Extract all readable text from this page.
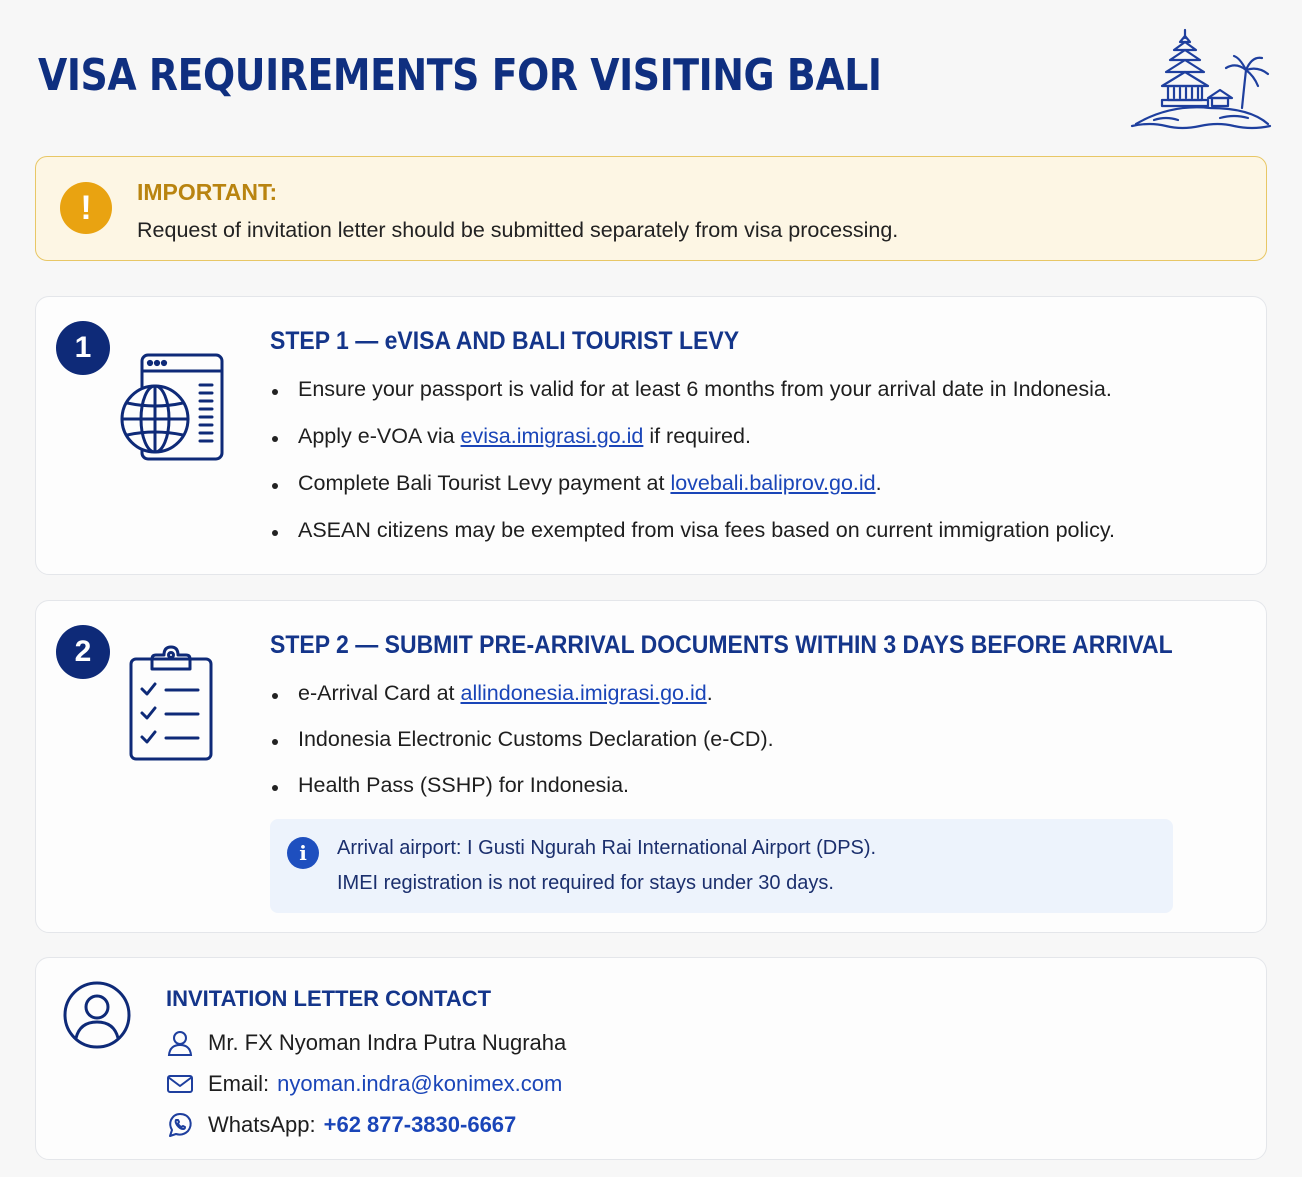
VISA REQUIREMENTS FOR VISITING BALI
!	IMPORTANT:
Request of invitation letter should be submitted separately from visa processing.
1	STEP 1 — eVISA AND BALI TOURIST LEVY
Ensure your passport is valid for at least 6 months from your arrival date in Indonesia.
Apply e-VOA via evisa.imigrasi.go.id if required.
Complete Bali Tourist Levy payment at lovebali.baliprov.go.id.
ASEAN citizens may be exempted from visa fees based on current immigration policy.
2	STEP 2 — SUBMIT PRE-ARRIVAL DOCUMENTS WITHIN 3 DAYS BEFORE ARRIVAL
e-Arrival Card at allindonesia.imigrasi.go.id.
Indonesia Electronic Customs Declaration (e-CD).
Health Pass (SSHP) for Indonesia.
i	Arrival airport: I Gusti Ngurah Rai International Airport (DPS).
IMEI registration is not required for stays under 30 days.
INVITATION LETTER CONTACT
Mr. FX Nyoman Indra Putra Nugraha
Email: nyoman.indra@konimex.com
WhatsApp: +62 877-3830-6667
